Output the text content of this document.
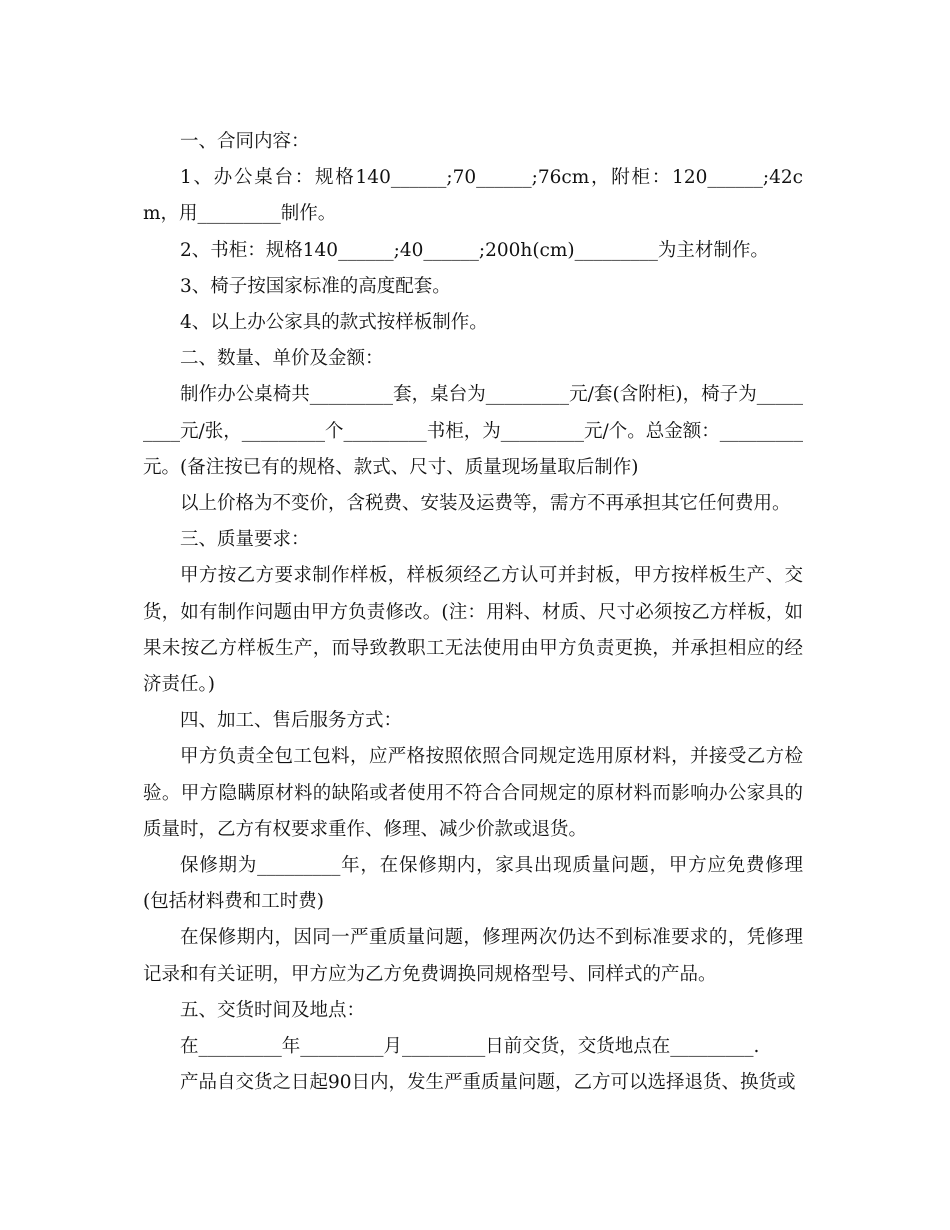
一、合同内容：

1、办公桌台：规格140______;70______;76cm，附柜：120______;42cm，用_________制作。

2、书柜：规格140______;40______;200h(cm)_________为主材制作。

3、椅子按国家标准的高度配套。

4、以上办公家具的款式按样板制作。

二、数量、单价及金额：

制作办公桌椅共_________套，桌台为_________元/套(含附柜)，椅子为_________元/张，_________个_________书柜，为_________元/个。总金额：_________元。(备注按已有的规格、款式、尺寸、质量现场量取后制作)

以上价格为不变价，含税费、安装及运费等，需方不再承担其它任何费用。

三、质量要求：

甲方按乙方要求制作样板，样板须经乙方认可并封板，甲方按样板生产、交货，如有制作问题由甲方负责修改。(注：用料、材质、尺寸必须按乙方样板，如果未按乙方样板生产，而导致教职工无法使用由甲方负责更换，并承担相应的经济责任。)

四、加工、售后服务方式：

甲方负责全包工包料，应严格按照依照合同规定选用原材料，并接受乙方检验。甲方隐瞒原材料的缺陷或者使用不符合合同规定的原材料而影响办公家具的质量时，乙方有权要求重作、修理、减少价款或退货。

保修期为_________年，在保修期内，家具出现质量问题，甲方应免费修理(包括材料费和工时费)

在保修期内，因同一严重质量问题，修理两次仍达不到标准要求的，凭修理记录和有关证明，甲方应为乙方免费调换同规格型号、同样式的产品。

五、交货时间及地点：

在_________年_________月_________日前交货，交货地点在_________.

产品自交货之日起90日内，发生严重质量问题，乙方可以选择退货、换货或
